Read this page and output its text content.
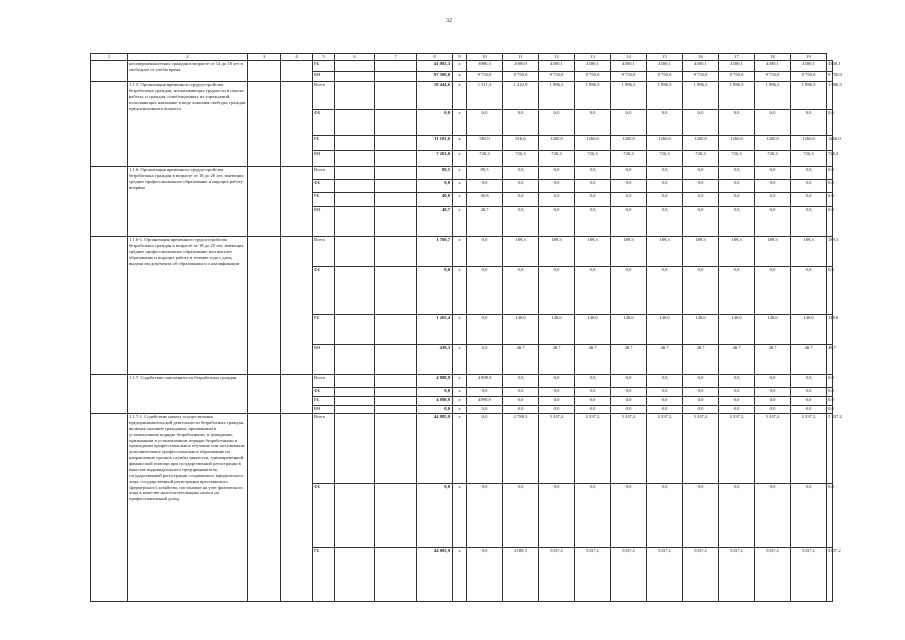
32
1	2	3	4	5	6	7	8	9	10	11	12	13	14	15	16	17	18	19	
	несовершеннолетних граждан в возрасте от 14 до 18 лет в свободное от учебы время			РБ			41 983,3	x	3986,3	2000,0	4300,1	4300,1	4300,1	4300,1	4300,1	4300,1	4300,1	4300,1	4300,1
				ВН			97 500,0	x	9 750,0	9 750,0	9 750,0	9 750,0	9 750,0	9 750,0	9 750,0	9 750,0	9 750,0	9 750,0	9 750,0
	1.1.5. Организация временного трудоустройства безработных граждан, испытывающих трудности в поиске работы, и граждан, освобожденных из учреждений, исполняющих наказание в виде лишения свободы, граждан предпенсионного возраста			Всего			18 444,6	x	1 311,3	1 242,9	1 986,3	1 986,3	1 986,3	1 986,3	1 986,3	1 986,3	1 986,3	1 986,3	1 986,3
				ФБ			0,0	x	0,0	0,0	0,0	0,0	0,0	0,0	0,0	0,0	0,0	0,0	0,0
				РБ			11 181,6	x	585,0	516,6	1260,0	1260,0	1260,0	1260,0	1260,0	1260,0	1260,0	1260,0	1260,0
				ВН			7 263,0	x	726,3	726,3	726,3	726,3	726,3	726,3	726,3	726,3	726,3	726,3	726,3
	1.1.6. Организация временного трудоустройства безработных граждан в возрасте от 18 до 20 лет, имеющих среднее профессиональное образование и ищущих работу впервые			Всего			89,5	x	89,5	0,0	0,0	0,0	0,0	0,0	0,0	0,0	0,0	0,0	0,0
				ФБ			0,0	x	0,0	0,0	0,0	0,0	0,0	0,0	0,0	0,0	0,0	0,0	0,0
				РБ			40,8	x	40,8	0,0	0,0	0,0	0,0	0,0	0,0	0,0	0,0	0,0	0,0
				ВН			48,7	x	48,7	0,0	0,0	0,0	0,0	0,0	0,0	0,0	0,0	0,0	0,0
	1.1.6-1. Организация временного трудоустройства безработных граждан в возрасте от 18 до 25 лет, имеющих среднее профессиональное образование или высшее образование и ищущих работу в течение года с даты выдачи им документа об образовании и о квалификации			Всего			1 760,7	x	0,0	189,3	189,3	189,3	189,3	189,3	189,3	189,3	189,3	189,3	189,3
				ФБ			0,0	x	0,0	0,0	0,0	0,0	0,0	0,0	0,0	0,0	0,0	0,0	0,0
				РБ			1 265,4	x	0,0	140,6	140,6	140,6	140,6	140,6	140,6	140,6	140,6	140,6	140,6
				ВН			438,3	x	0,0	48,7	48,7	48,7	48,7	48,7	48,7	48,7	48,7	48,7	48,7
	1.1.7. Содействие самозанятости безработных граждан			Всего			4 898,9	x	4 898,9	0,0	0,0	0,0	0,0	0,0	0,0	0,0	0,0	0,0	0,0
				ФБ			0,0	x	0,0	0,0	0,0	0,0	0,0	0,0	0,0	0,0	0,0	0,0	0,0
				РБ			4 898,9	x	4898,9	0,0	0,0	0,0	0,0	0,0	0,0	0,0	0,0	0,0	0,0
				ВН			0,0	x	0,0	0,0	0,0	0,0	0,0	0,0	0,0	0,0	0,0	0,0	0,0
	1.1.7-1. Содействие началу осуществления предпринимательской деятельности безработных граждан, включая оказание гражданам, признанным в установленном порядке безработными, и гражданам, признанным в установленном порядке безработными и прошедшим профессиональное обучение или получившим дополнительное профессиональное образование по направлению органов службы занятости, единовременной финансовой помощи при государственной регистрации в качестве индивидуального предпринимателя, государственной регистрации создаваемого юридического лица, государственной регистрации крестьянского (фермерского) хозяйства, постановке на учет физического лица в качестве налогоплательщика налога на профессиональный доход			Всего			44 885,9	x	0,0	2 788,3	5 337,2	5 337,2	5 337,2	5 337,2	5 337,2	5 337,2	5 337,2	5 337,2	5 337,2
				ФБ			0,0	x	0,0	0,0	0,0	0,0	0,0	0,0	0,0	0,0	0,0	0,0	0,0
				РБ			44 885,9	x	0,0	2188,3	5337,2	5337,2	5337,2	5337,2	5337,2	5337,2	5337,2	5337,2	5337,2
